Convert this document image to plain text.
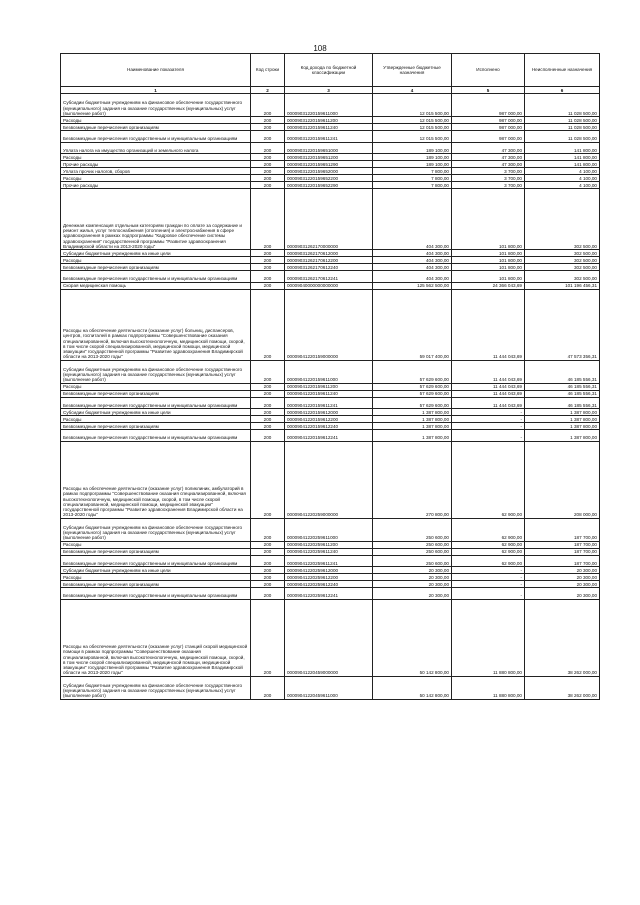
108
Наименование показателя	Код строки	Код дохода по бюджетной классификации	Утвержденные бюджетные назначения	Исполнено	Неисполненные назначения
1	2	3	4	5	6
Субсидии бюджетным учреждениям на финансовое обеспечение государственного (муниципального) задания на оказание государственных (муниципальных) услуг (выполнение работ)	200	00009031220159611000	12 015 500,00	987 000,00	11 028 500,00
Расходы	200	00009031220159611200	12 015 500,00	987 000,00	11 028 500,00
Безвозмездные перечисления организациям	200	00009031220159611240	12 015 500,00	987 000,00	11 028 500,00
Безвозмездные перечисления государственным и муниципальным организациям	200	00009031220159611241	12 015 500,00	987 000,00	11 028 500,00
Уплата налога на имущество организаций и земельного налога	200	00009031220159651000	189 100,00	47 300,00	141 800,00
Расходы	200	00009031220159651200	189 100,00	47 300,00	141 800,00
Прочие расходы	200	00009031220159651290	189 100,00	47 300,00	141 800,00
Уплата прочих налогов, сборов	200	00009031220159652000	7 800,00	3 700,00	4 100,00
Расходы	200	00009031220159652200	7 800,00	3 700,00	4 100,00
Прочие расходы	200	00009031220159652290	7 800,00	3 700,00	4 100,00
Денежная компенсация отдельным категориям граждан по оплате за содержание и ремонт жилья, услуг теплоснабжения (отопления) и электроснабжения в сфере здравоохранения в рамках подпрограммы "Кадровое обеспечение системы здравоохранения" государственной программы "Развитие здравоохранения Владимирской области на 2013-2020 годы"	200	00009031262170000000	404 300,00	101 800,00	302 500,00
Субсидии бюджетным учреждениям на иные цели	200	00009031262170612000	404 300,00	101 800,00	302 500,00
Расходы	200	00009031262170612200	404 300,00	101 800,00	302 500,00
Безвозмездные перечисления организациям	200	00009031262170612240	404 300,00	101 800,00	302 500,00
Безвозмездные перечисления государственным и муниципальным организациям	200	00009031262170612241	404 300,00	101 800,00	302 500,00
Скорая медицинская помощь	200	00009040000000000000	125 562 500,00	24 366 043,69	101 196 456,31
Расходы на обеспечение деятельности (оказание услуг) больниц, диспансеров, центров, госпиталей в рамках подпрограммы "Совершенствование оказания специализированной, включая высокотехнологичную, медицинской помощи, скорой, в том числе скорой специализированной, медицинской помощи, медицинской эвакуации" государственной программы "Развитие здравоохранения Владимирской области на 2013-2020 годы"	200	00009041220159000000	59 017 400,00	11 444 043,69	47 573 356,31
Субсидии бюджетным учреждениям на финансовое обеспечение государственного (муниципального) задания на оказание государственных (муниципальных) услуг (выполнение работ)	200	00009041220159611000	57 629 600,00	11 444 043,69	46 185 556,31
Расходы	200	00009041220159611200	57 629 600,00	11 444 043,69	46 185 556,31
Безвозмездные перечисления организациям	200	00009041220159611240	57 629 600,00	11 444 043,69	46 185 556,31
Безвозмездные перечисления государственным и муниципальным организациям	200	00009041220159611241	57 629 600,00	11 444 043,69	46 185 556,31
Субсидии бюджетным учреждениям на иные цели	200	00009041220159612000	1 387 800,00	-	1 387 800,00
Расходы	200	00009041220159612200	1 387 800,00	-	1 387 800,00
Безвозмездные перечисления организациям	200	00009041220159612240	1 387 800,00	-	1 387 800,00
Безвозмездные перечисления государственным и муниципальным организациям	200	00009041220159612241	1 387 800,00	-	1 387 800,00
Расходы на обеспечение деятельности (оказание услуг) поликлиник, амбулаторий в рамках подпрограммы "Совершенствование оказания специализированной, включая высокотехнологичную, медицинской помощи, скорой, в том числе скорой специализированной, медицинской помощи, медицинской эвакуации" государственной программы "Развитие здравоохранения Владимирской области на 2013-2020 годы"	200	00009041220259000000	270 800,00	62 900,00	208 000,00
Субсидии бюджетным учреждениям на финансовое обеспечение государственного (муниципального) задания на оказание государственных (муниципальных) услуг (выполнение работ)	200	00009041220259611000	250 600,00	62 900,00	187 700,00
Расходы	200	00009041220259611200	250 600,00	62 900,00	187 700,00
Безвозмездные перечисления организациям	200	00009041220259611240	250 600,00	62 900,00	187 700,00
Безвозмездные перечисления государственным и муниципальным организациям	200	00009041220259611241	250 600,00	62 900,00	187 700,00
Субсидии бюджетным учреждениям на иные цели	200	00009041220259612000	20 300,00	-	20 300,00
Расходы	200	00009041220259612200	20 300,00	-	20 300,00
Безвозмездные перечисления организациям	200	00009041220259612240	20 300,00	-	20 300,00
Безвозмездные перечисления государственным и муниципальным организациям	200	00009041220259612241	20 300,00	-	20 300,00
Расходы на обеспечение деятельности (оказание услуг) станций скорой медицинской помощи в рамках подпрограммы "Совершенствование оказания специализированной, включая высокотехнологичную, медицинской помощи, скорой, в том числе скорой специализированной, медицинской помощи, медицинской эвакуации" государственной программы "Развитие здравоохранения Владимирской области на 2013-2020 годы"	200	00009041220459000000	50 142 800,00	11 880 800,00	38 262 000,00
Субсидии бюджетным учреждениям на финансовое обеспечение государственного (муниципального) задания на оказание государственных (муниципальных) услуг (выполнение работ)	200	00009041220459611000	50 142 800,00	11 880 800,00	38 262 000,00
